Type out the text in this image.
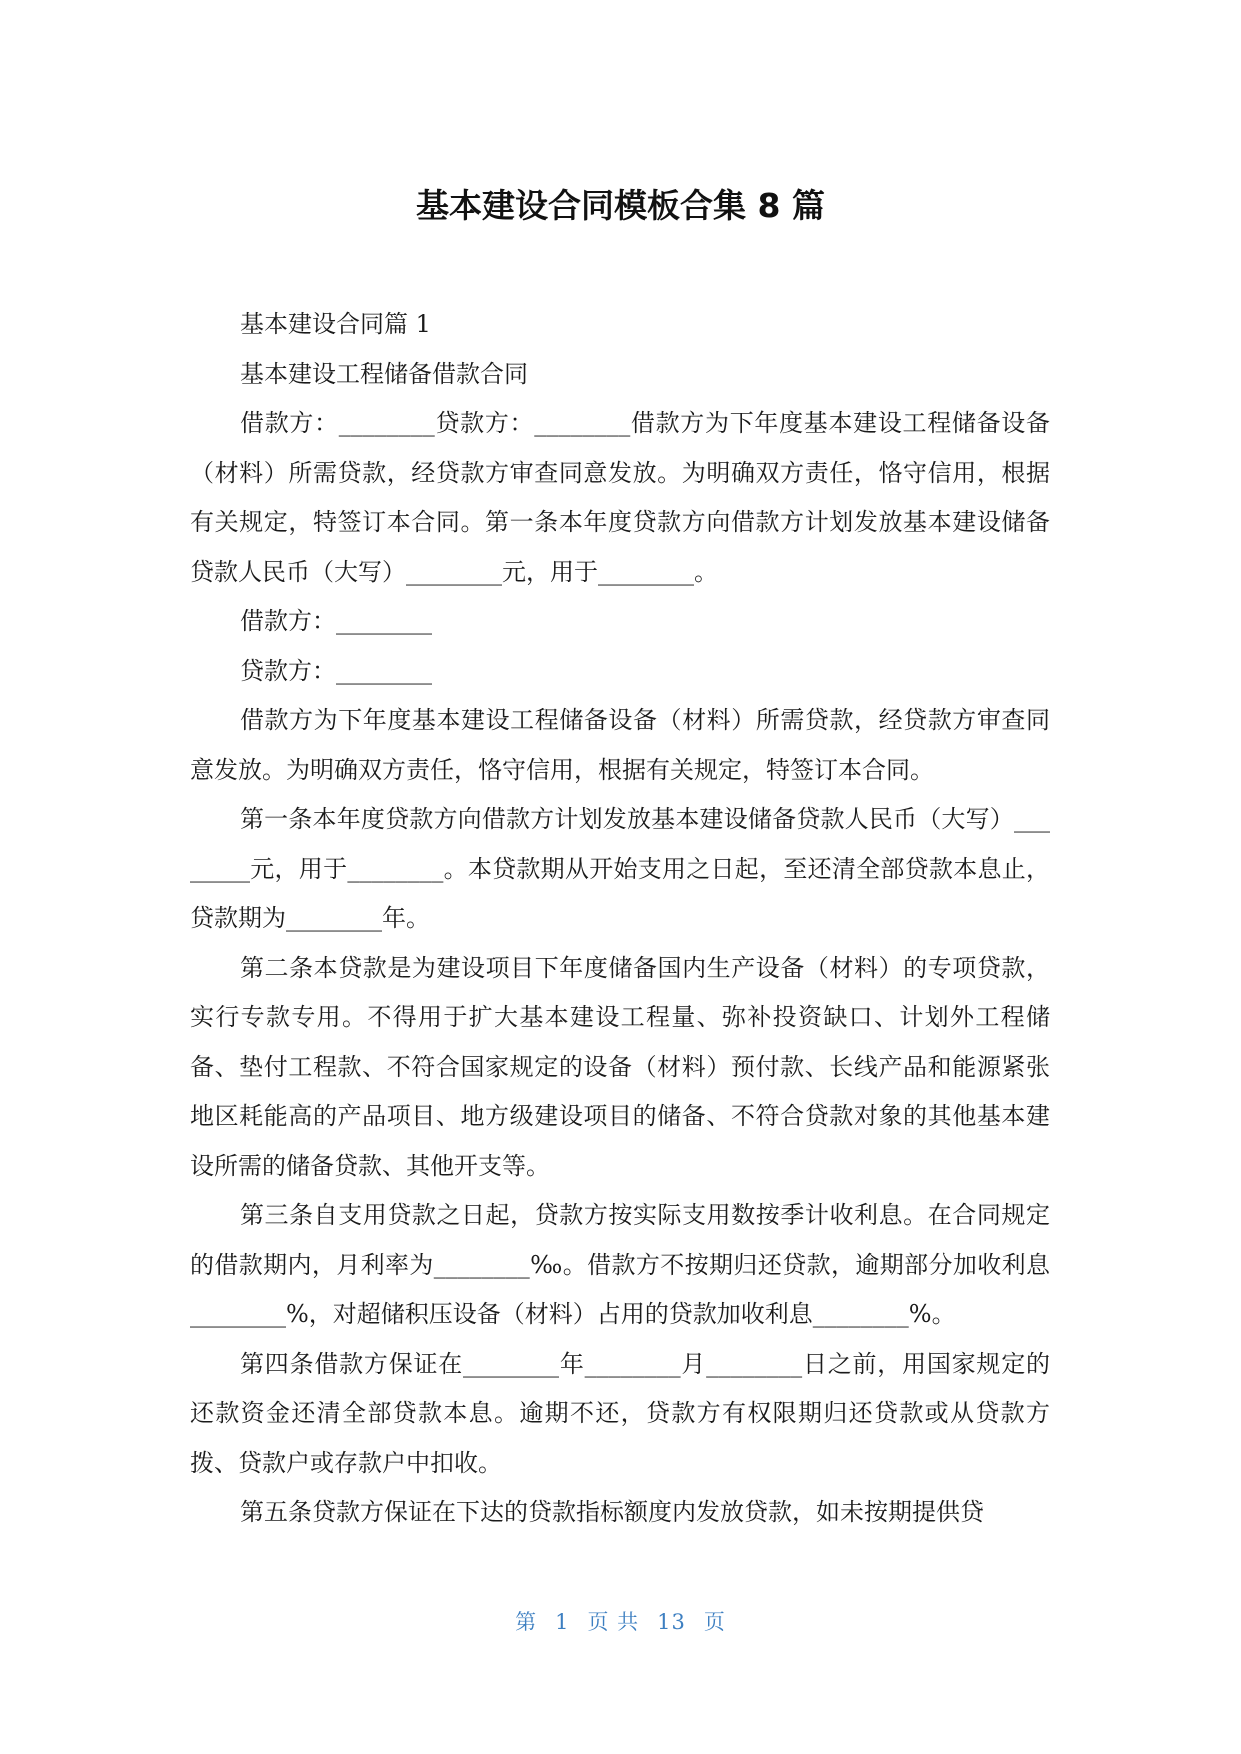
基本建设合同模板合集 8 篇

基本建设合同篇 1

基本建设工程储备借款合同

借款方：________贷款方：________借款方为下年度基本建设工程储备设备（材料）所需贷款，经贷款方审查同意发放。为明确双方责任，恪守信用，根据有关规定，特签订本合同。第一条本年度贷款方向借款方计划发放基本建设储备贷款人民币（大写）________元，用于________。

借款方：________

贷款方：________

借款方为下年度基本建设工程储备设备（材料）所需贷款，经贷款方审查同意发放。为明确双方责任，恪守信用，根据有关规定，特签订本合同。

第一条本年度贷款方向借款方计划发放基本建设储备贷款人民币（大写）________元，用于________。本贷款期从开始支用之日起，至还清全部贷款本息止，贷款期为________年。

第二条本贷款是为建设项目下年度储备国内生产设备（材料）的专项贷款，实行专款专用。不得用于扩大基本建设工程量、弥补投资缺口、计划外工程储备、垫付工程款、不符合国家规定的设备（材料）预付款、长线产品和能源紧张地区耗能高的产品项目、地方级建设项目的储备、不符合贷款对象的其他基本建设所需的储备贷款、其他开支等。

第三条自支用贷款之日起，贷款方按实际支用数按季计收利息。在合同规定的借款期内，月利率为________‰。借款方不按期归还贷款，逾期部分加收利息________%，对超储积压设备（材料）占用的贷款加收利息________%。

第四条借款方保证在________年________月________日之前，用国家规定的还款资金还清全部贷款本息。逾期不还，贷款方有权限期归还贷款或从贷款方拨、贷款户或存款户中扣收。

第五条贷款方保证在下达的贷款指标额度内发放贷款，如未按期提供贷

第 1 页 共 13 页
